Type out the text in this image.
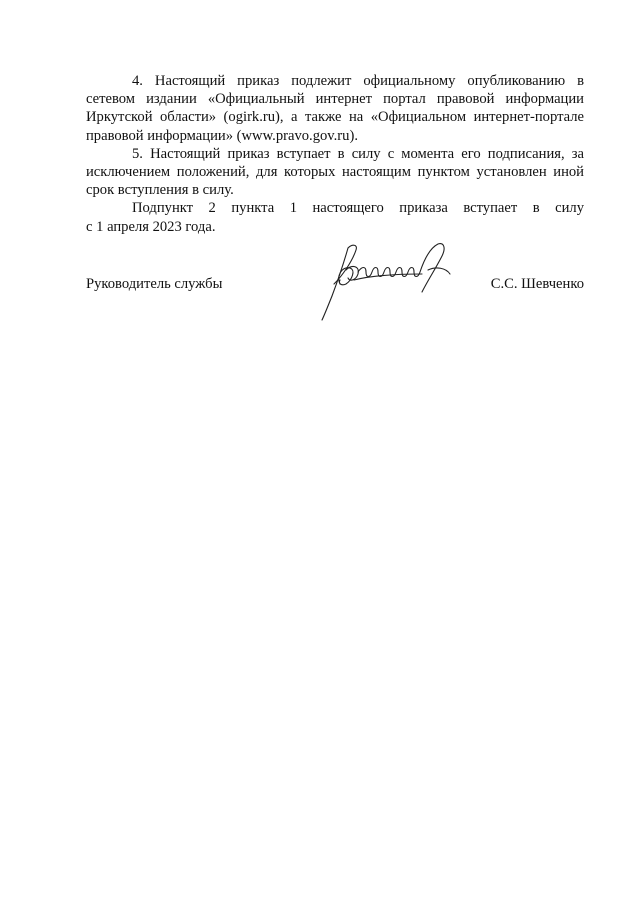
4. Настоящий приказ подлежит официальному опубликованию в сетевом издании «Официальный интернет портал правовой информации Иркутской области» (ogirk.ru), а также на «Официальном интернет-портале правовой информации» (www.pravo.gov.ru).

5. Настоящий приказ вступает в силу с момента его подписания, за исключением положений, для которых настоящим пунктом установлен иной срок вступления в силу.

Подпункт 2 пункта 1 настоящего приказа вступает в силу

с 1 апреля 2023 года.

Руководитель службы	С.С. Шевченко
